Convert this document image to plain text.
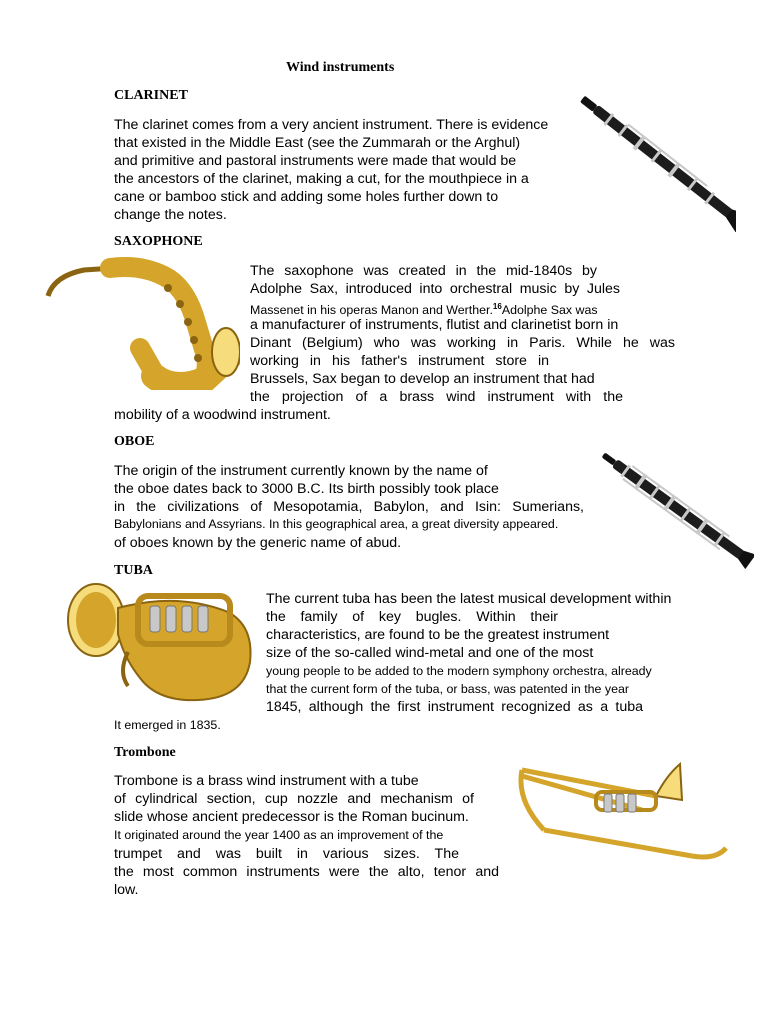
Wind instruments
CLARINET
The clarinet comes from a very ancient instrument. There is evidence
that existed in the Middle East (see the Zummarah or the Arghul)
and primitive and pastoral instruments were made that would be
the ancestors of the clarinet, making a cut, for the mouthpiece in a
cane or bamboo stick and adding some holes further down to
change the notes.
SAXOPHONE
The saxophone was created in the mid-1840s by
Adolphe Sax, introduced into orchestral music by Jules
Massenet in his operas Manon and Werther.$^{16}$Adolphe Sax was
a manufacturer of instruments, flutist and clarinetist born in
Dinant (Belgium) who was working in Paris. While he was
working in his father's instrument store in
Brussels, Sax began to develop an instrument that had
the projection of a brass wind instrument with the
mobility of a woodwind instrument.
OBOE
The origin of the instrument currently known by the name of
the oboe dates back to 3000 B.C. Its birth possibly took place
in the civilizations of Mesopotamia, Babylon, and Isin: Sumerians,
Babylonians and Assyrians. In this geographical area, a great diversity appeared.
of oboes known by the generic name of abud.
TUBA
The current tuba has been the latest musical development within
the family of key bugles. Within their
characteristics, are found to be the greatest instrument
size of the so-called wind-metal and one of the most
young people to be added to the modern symphony orchestra, already
that the current form of the tuba, or bass, was patented in the year
1845, although the first instrument recognized as a tuba
It emerged in 1835.
Trombone
Trombone is a brass wind instrument with a tube
of cylindrical section, cup nozzle and mechanism of
slide whose ancient predecessor is the Roman bucinum.
It originated around the year 1400 as an improvement of the
trumpet and was built in various sizes. The
the most common instruments were the alto, tenor and
low.
